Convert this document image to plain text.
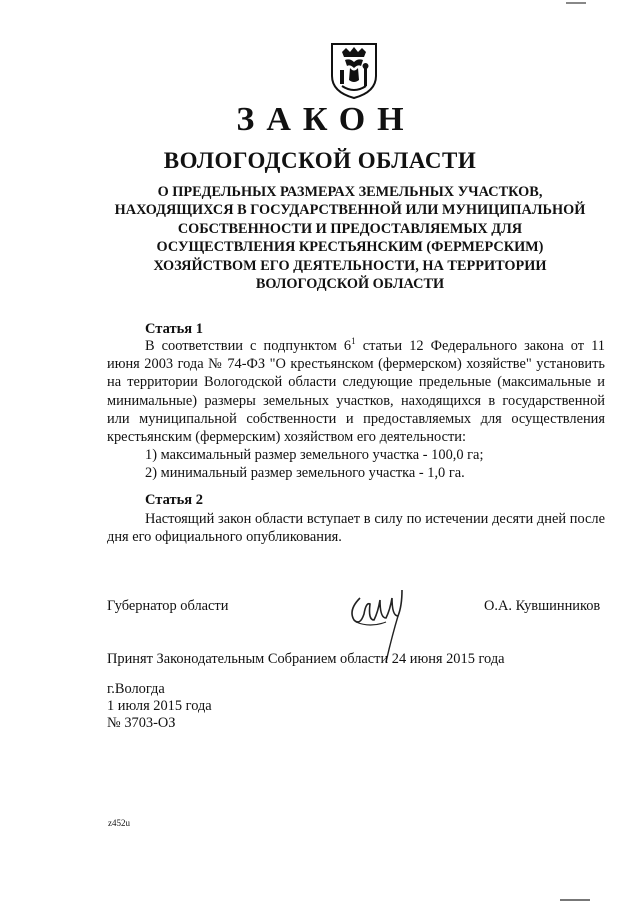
ЗАКОН
ВОЛОГОДСКОЙ ОБЛАСТИ
О ПРЕДЕЛЬНЫХ РАЗМЕРАХ ЗЕМЕЛЬНЫХ УЧАСТКОВ,
НАХОДЯЩИХСЯ В ГОСУДАРСТВЕННОЙ ИЛИ МУНИЦИПАЛЬНОЙ
СОБСТВЕННОСТИ И ПРЕДОСТАВЛЯЕМЫХ ДЛЯ
ОСУЩЕСТВЛЕНИЯ КРЕСТЬЯНСКИМ (ФЕРМЕРСКИМ)
ХОЗЯЙСТВОМ ЕГО ДЕЯТЕЛЬНОСТИ, НА ТЕРРИТОРИИ
ВОЛОГОДСКОЙ ОБЛАСТИ
Статья 1

В соответствии с подпунктом $6^1$ статьи 12 Федерального закона от 11 июня 2003 года № 74-ФЗ "О крестьянском (фермерском) хозяйстве" установить на территории Вологодской области следующие предельные (максимальные и минимальные) размеры земельных участков, находящихся в государственной или муниципальной собственности и предоставляемых для осуществления крестьянским (фермерским) хозяйством его деятельности:

1) максимальный размер земельного участка - 100,0 га;
2) минимальный размер земельного участка - 1,0 га.
Статья 2

Настоящий закон области вступает в силу по истечении десяти дней после дня его официального опубликования.

Губернатор области	О.А. Кувшинников
Принят Законодательным Собранием области 24 июня 2015 года
г.Вологда
1 июля 2015 года
№ 3703-ОЗ
z452u
